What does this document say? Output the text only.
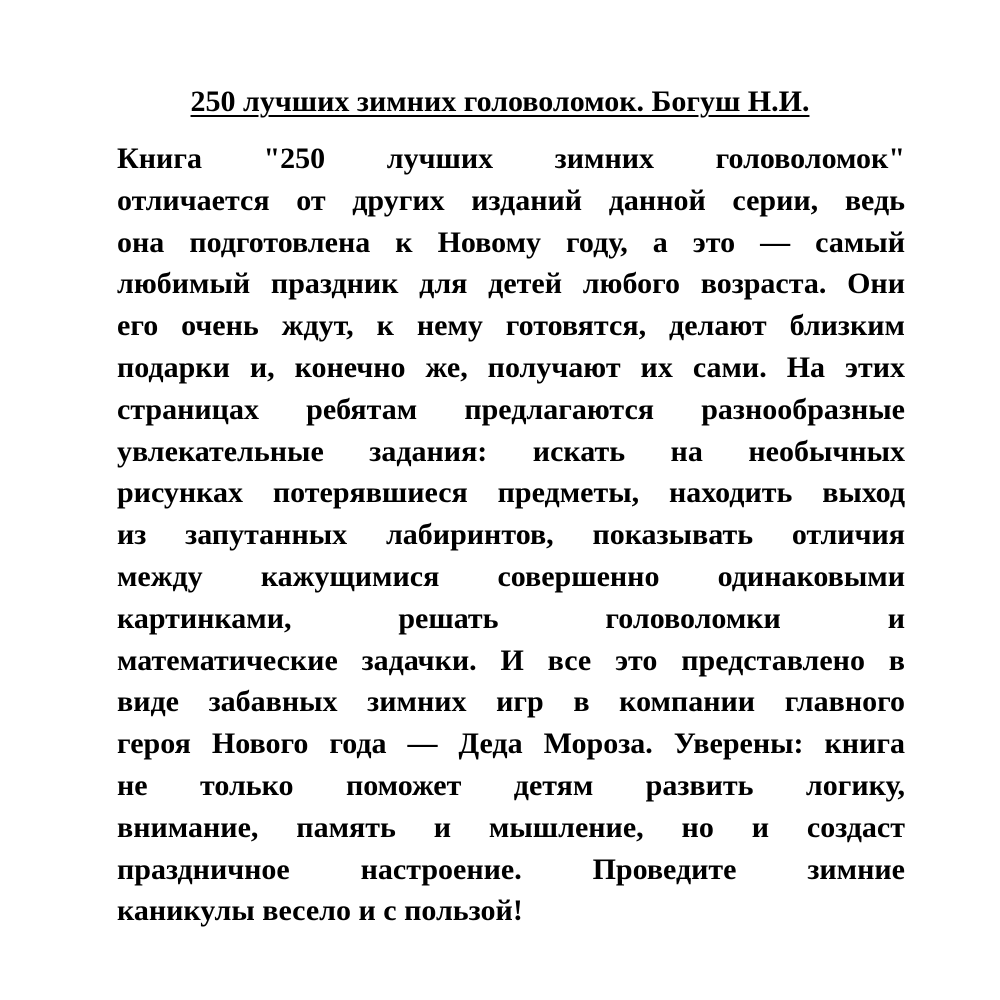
250 лучших зимних головоломок. Богуш Н.И.
Книга "250 лучших зимних головоломок"
отличается от других изданий данной серии, ведь
она подготовлена к Новому году, а это — самый
любимый праздник для детей любого возраста. Они
его очень ждут, к нему готовятся, делают близким
подарки и, конечно же, получают их сами. На этих
страницах ребятам предлагаются разнообразные
увлекательные задания: искать на необычных
рисунках потерявшиеся предметы, находить выход
из запутанных лабиринтов, показывать отличия
между кажущимися совершенно одинаковыми
картинками, решать головоломки и
математические задачки. И все это представлено в
виде забавных зимних игр в компании главного
героя Нового года — Деда Мороза. Уверены: книга
не только поможет детям развить логику,
внимание, память и мышление, но и создаст
праздничное настроение. Проведите зимние
каникулы весело и с пользой!
